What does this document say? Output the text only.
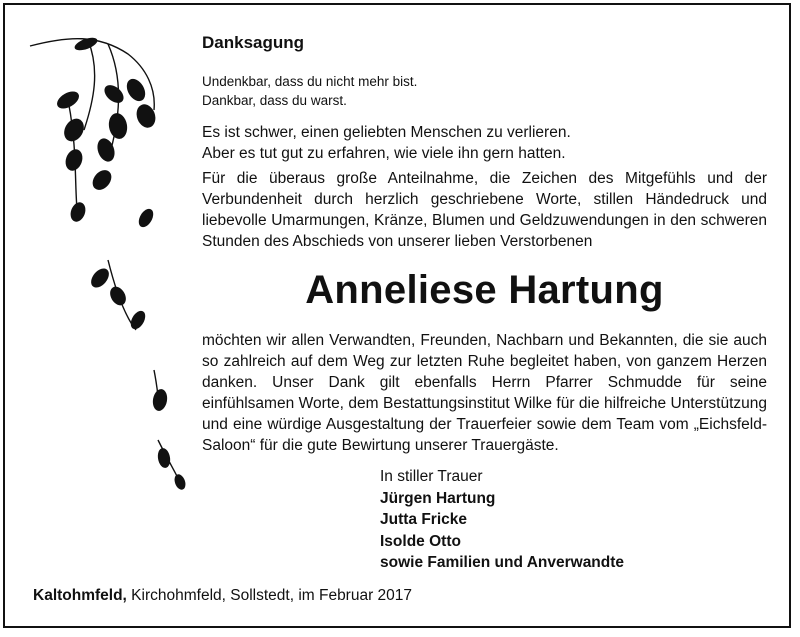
Danksagung
Undenkbar, dass du nicht mehr bist.
Dankbar, dass du warst.
Es ist schwer, einen geliebten Menschen zu verlieren.
Aber es tut gut zu erfahren, wie viele ihn gern hatten.
Für die überaus große Anteilnahme, die Zeichen des Mitgefühls und der Verbundenheit durch herzlich geschriebene Worte, stillen Händedruck und liebevolle Umarmungen, Kränze, Blumen und Geldzuwendungen in den schweren Stunden des Abschieds von unserer lieben Verstorbenen
Anneliese Hartung
möchten wir allen Verwandten, Freunden, Nachbarn und Bekannten, die sie auch so zahlreich auf dem Weg zur letzten Ruhe begleitet haben, von ganzem Herzen danken. Unser Dank gilt ebenfalls Herrn Pfarrer Schmudde für seine einfühlsamen Worte, dem Bestattungsinstitut Wilke für die hilfreiche Unterstützung und eine würdige Ausgestaltung der Trauerfeier sowie dem Team vom „Eichsfeld-Saloon“ für die gute Bewirtung unserer Trauergäste.
In stiller Trauer
Jürgen Hartung
Jutta Fricke
Isolde Otto
sowie Familien und Anverwandte
Kaltohmfeld, Kirchohmfeld, Sollstedt, im Februar 2017
